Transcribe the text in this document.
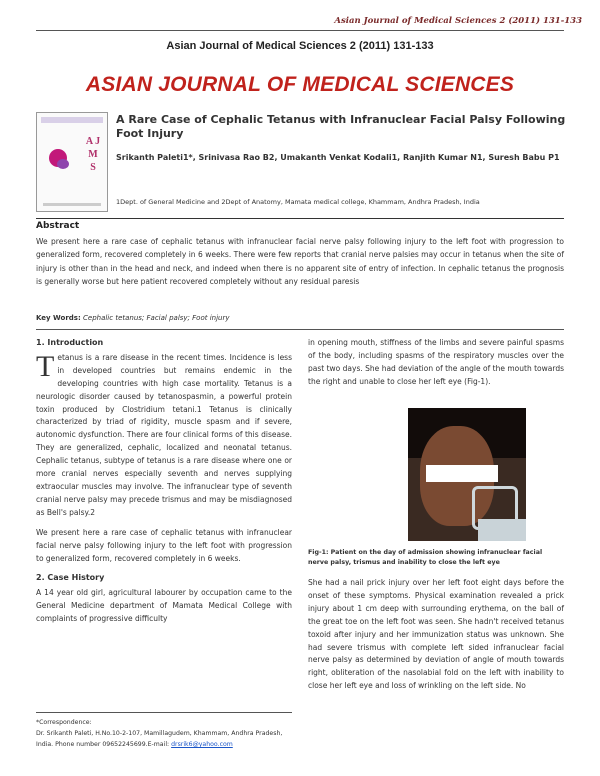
Asian Journal of Medical Sciences 2 (2011) 131-133
Asian Journal of Medical Sciences 2 (2011) 131-133
ASIAN JOURNAL OF MEDICAL SCIENCES
A J M S
A Rare Case of Cephalic Tetanus with Infranuclear Facial Palsy Following Foot Injury
Srikanth Paleti1*, Srinivasa Rao B2, Umakanth Venkat Kodali1, Ranjith Kumar N1, Suresh Babu P1
1Dept. of General Medicine and 2Dept of Anatomy, Mamata medical college, Khammam, Andhra Pradesh, India
Abstract
We present here a rare case of cephalic tetanus with infranuclear facial nerve palsy following injury to the left foot with progression to generalized form, recovered completely in 6 weeks. There were few reports that cranial nerve palsies may occur in tetanus when the site of injury is other than in the head and neck, and indeed when there is no apparent site of entry of infection. In cephalic tetanus the prognosis is generally worse but here patient recovered completely without any residual paresis
Key Words: Cephalic tetanus; Facial palsy; Foot injury
1. Introduction

Tetanus is a rare disease in the recent times. Incidence is less in developed countries but remains endemic in the developing countries with high case mortality. Tetanus is a neurologic disorder caused by tetanospasmin, a powerful protein toxin produced by Clostridium tetani.1 Tetanus is clinically characterized by triad of rigidity, muscle spasm and if severe, autonomic dysfunction. There are four clinical forms of this disease. They are generalized, cephalic, localized and neonatal tetanus. Cephalic tetanus, subtype of tetanus is a rare disease where one or more cranial nerves especially seventh and nerves supplying extraocular muscles may involve. The infranuclear type of seventh cranial nerve palsy may precede trismus and may be misdiagnosed as Bell's palsy.2

We present here a rare case of cephalic tetanus with infranuclear facial nerve palsy following injury to the left foot with progression to generalized form, recovered completely in 6 weeks.

2. Case History

A 14 year old girl, agricultural labourer by occupation came to the General Medicine department of Mamata Medical College with complaints of progressive difficulty

*Correspondence:
Dr. Srikanth Paleti, H.No.10-2-107, Mamillagudem, Khammam, Andhra Pradesh, India. Phone number 09652245699.E-mail: drsrik6@yahoo.com
in opening mouth, stiffness of the limbs and severe painful spasms of the body, including spasms of the respiratory muscles over the past two days. She had deviation of the angle of the mouth towards the right and unable to close her left eye (Fig-1).
Fig-1: Patient on the day of admission showing infranuclear facial nerve palsy, trismus and inability to close the left eye
She had a nail prick injury over her left foot eight days before the onset of these symptoms. Physical examination revealed a prick injury about 1 cm deep with surrounding erythema, on the ball of the great toe on the left foot was seen. She hadn't received tetanus toxoid after injury and her immunization status was unknown. She had severe trismus with complete left sided infranuclear facial nerve palsy as determined by deviation of angle of mouth towards right, obliteration of the nasolabial fold on the left with inability to close her left eye and loss of wrinkling on the left side. No
